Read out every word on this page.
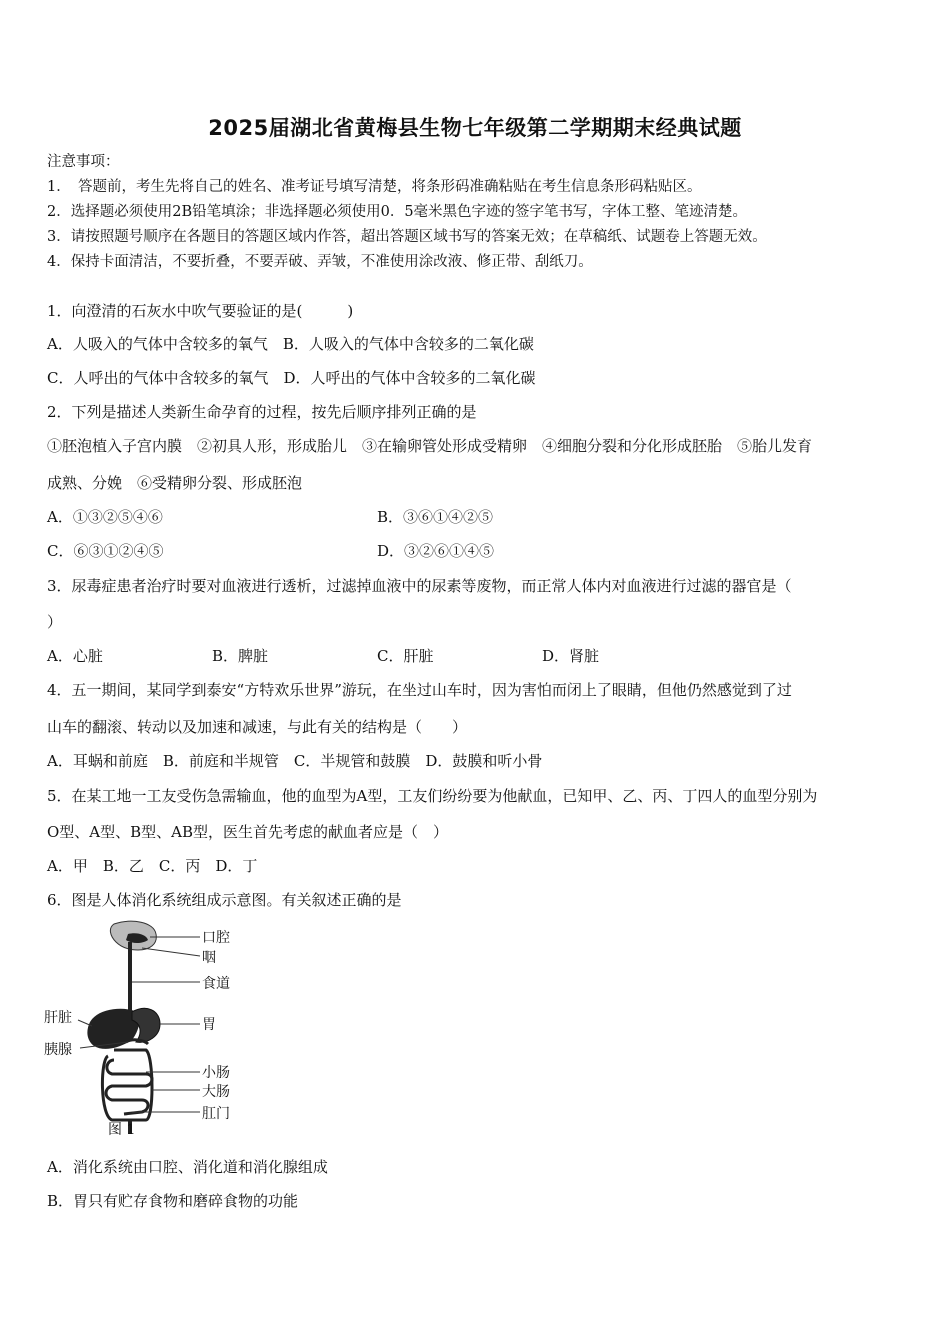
2025届湖北省黄梅县生物七年级第二学期期末经典试题
注意事项：
1．　答题前，考生先将自己的姓名、准考证号填写清楚，将条形码准确粘贴在考生信息条形码粘贴区。
2．选择题必须使用2B铅笔填涂；非选择题必须使用0．5毫米黑色字迹的签字笔书写，字体工整、笔迹清楚。
3．请按照题号顺序在各题目的答题区域内作答，超出答题区域书写的答案无效；在草稿纸、试题卷上答题无效。
4．保持卡面清洁，不要折叠，不要弄破、弄皱，不准使用涂改液、修正带、刮纸刀。
1．向澄清的石灰水中吹气要验证的是(　　　)
A．人吸入的气体中含较多的氧气　B．人吸入的气体中含较多的二氧化碳
C．人呼出的气体中含较多的氧气　D．人呼出的气体中含较多的二氧化碳
2．下列是描述人类新生命孕育的过程，按先后顺序排列正确的是
①胚泡植入子宫内膜　②初具人形，形成胎儿　③在输卵管处形成受精卵　④细胞分裂和分化形成胚胎　⑤胎儿发育
成熟、分娩　⑥受精卵分裂、形成胚泡
A．①③②⑤④⑥	B．③⑥①④②⑤
C．⑥③①②④⑤	D．③②⑥①④⑤
3．尿毒症患者治疗时要对血液进行透析，过滤掉血液中的尿素等废物，而正常人体内对血液进行过滤的器官是（
）
A．心脏	B．脾脏	C．肝脏	D．肾脏
4．五一期间，某同学到泰安“方特欢乐世界”游玩，在坐过山车时，因为害怕而闭上了眼睛，但他仍然感觉到了过
山车的翻滚、转动以及加速和减速，与此有关的结构是（　　）
A．耳蜗和前庭　B．前庭和半规管　C．半规管和鼓膜　D．鼓膜和听小骨
5．在某工地一工友受伤急需输血，他的血型为A型，工友们纷纷要为他献血，已知甲、乙、丙、丁四人的血型分别为
O型、A型、B型、AB型，医生首先考虑的献血者应是（　）
A．甲　B．乙　C．丙　D．丁
6．图是人体消化系统组成示意图。有关叙述正确的是
口腔
咽
食道
肝脏	胃
胰腺
小肠
大肠
肛门
图 1
A．消化系统由口腔、消化道和消化腺组成
B．胃只有贮存食物和磨碎食物的功能
